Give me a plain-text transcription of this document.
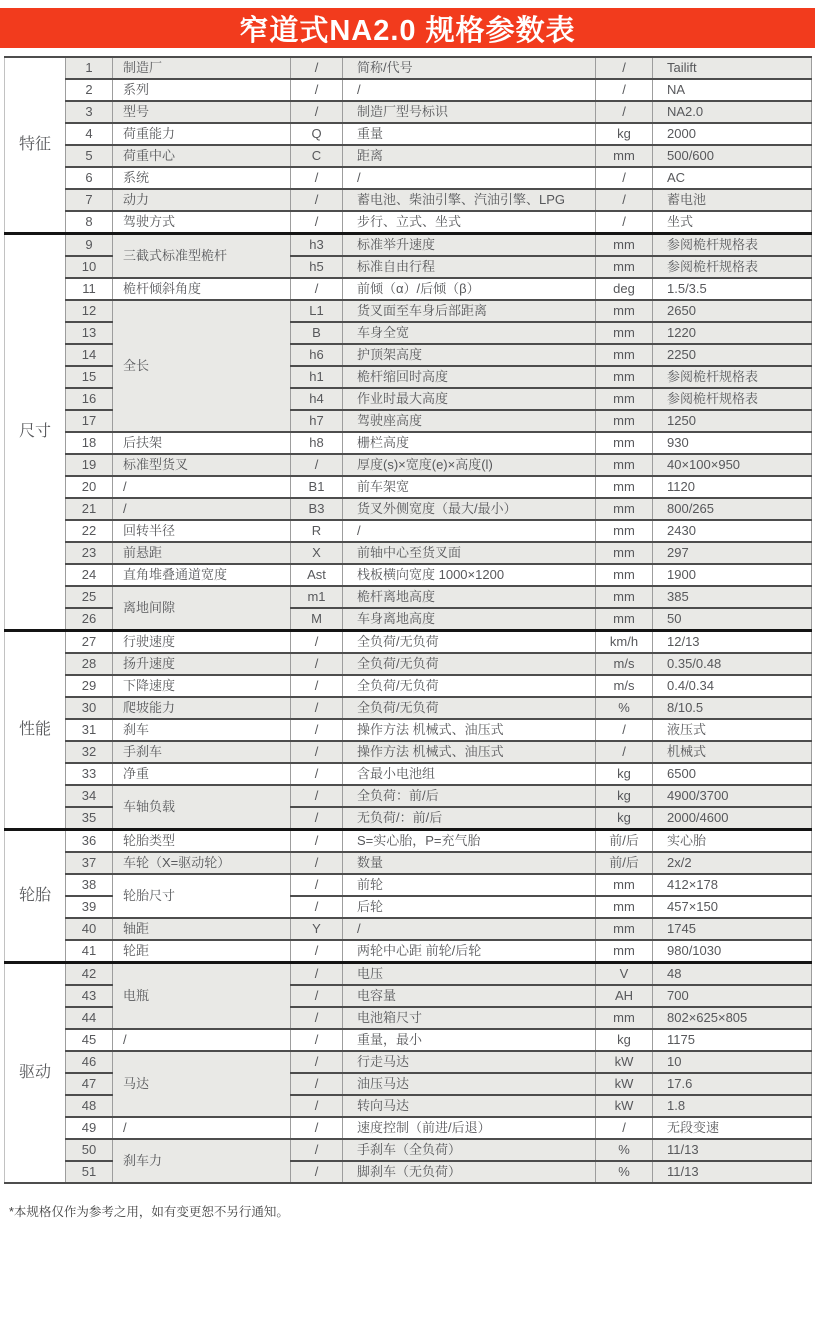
窄道式NA2.0 规格参数表
特征	1	制造厂	/	简称/代号	/	Tailift
	2	系列	/	/	/	NA
	3	型号	/	制造厂型号标识	/	NA2.0
	4	荷重能力	Q	重量	kg	2000
	5	荷重中心	C	距离	mm	500/600
	6	系统	/	/	/	AC
	7	动力	/	蓄电池、柴油引擎、汽油引擎、LPG	/	蓄电池
	8	驾驶方式	/	步行、立式、坐式	/	坐式
尺寸	9	三截式标准型桅杆	h3	标准举升速度	mm	参阅桅杆规格表
	10		h5	标准自由行程	mm	参阅桅杆规格表
	11	桅杆倾斜角度	/	前倾（α）/后倾（β）	deg	1.5/3.5
	12	全长	L1	货叉面至车身后部距离	mm	2650
	13		B	车身全宽	mm	1220
	14		h6	护顶架高度	mm	2250
	15		h1	桅杆缩回时高度	mm	参阅桅杆规格表
	16		h4	作业时最大高度	mm	参阅桅杆规格表
	17		h7	驾驶座高度	mm	1250
	18	后扶架	h8	栅栏高度	mm	930
	19	标准型货叉	/	厚度(s)×宽度(e)×高度(l)	mm	40×100×950
	20	/	B1	前车架宽	mm	1120
	21	/	B3	货叉外侧宽度（最大/最小）	mm	800/265
	22	回转半径	R	/	mm	2430
	23	前悬距	X	前轴中心至货叉面	mm	297
	24	直角堆叠通道宽度	Ast	栈板横向宽度 1000×1200	mm	1900
	25	离地间隙	m1	桅杆离地高度	mm	385
	26		M	车身离地高度	mm	50
性能	27	行驶速度	/	全负荷/无负荷	km/h	12/13
	28	扬升速度	/	全负荷/无负荷	m/s	0.35/0.48
	29	下降速度	/	全负荷/无负荷	m/s	0.4/0.34
	30	爬坡能力	/	全负荷/无负荷	%	8/10.5
	31	刹车	/	操作方法 机械式、油压式	/	液压式
	32	手刹车	/	操作方法 机械式、油压式	/	机械式
	33	净重	/	含最小电池组	kg	6500
	34	车轴负载	/	全负荷：前/后	kg	4900/3700
	35		/	无负荷/：前/后	kg	2000/4600
轮胎	36	轮胎类型	/	S=实心胎，P=充气胎	前/后	实心胎
	37	车轮（X=驱动轮）	/	数量	前/后	2x/2
	38	轮胎尺寸	/	前轮	mm	412×178
	39		/	后轮	mm	457×150
	40	轴距	Y	/	mm	1745
	41	轮距	/	两轮中心距 前轮/后轮	mm	980/1030
驱动	42	电瓶	/	电压	V	48
	43		/	电容量	AH	700
	44		/	电池箱尺寸	mm	802×625×805
	45	/	/	重量，最小	kg	1175
	46	马达	/	行走马达	kW	10
	47		/	油压马达	kW	17.6
	48		/	转向马达	kW	1.8
	49	/	/	速度控制（前进/后退）	/	无段变速
	50	刹车力	/	手刹车（全负荷）	%	11/13
	51		/	脚刹车（无负荷）	%	11/13
*本规格仅作为参考之用，如有变更恕不另行通知。
